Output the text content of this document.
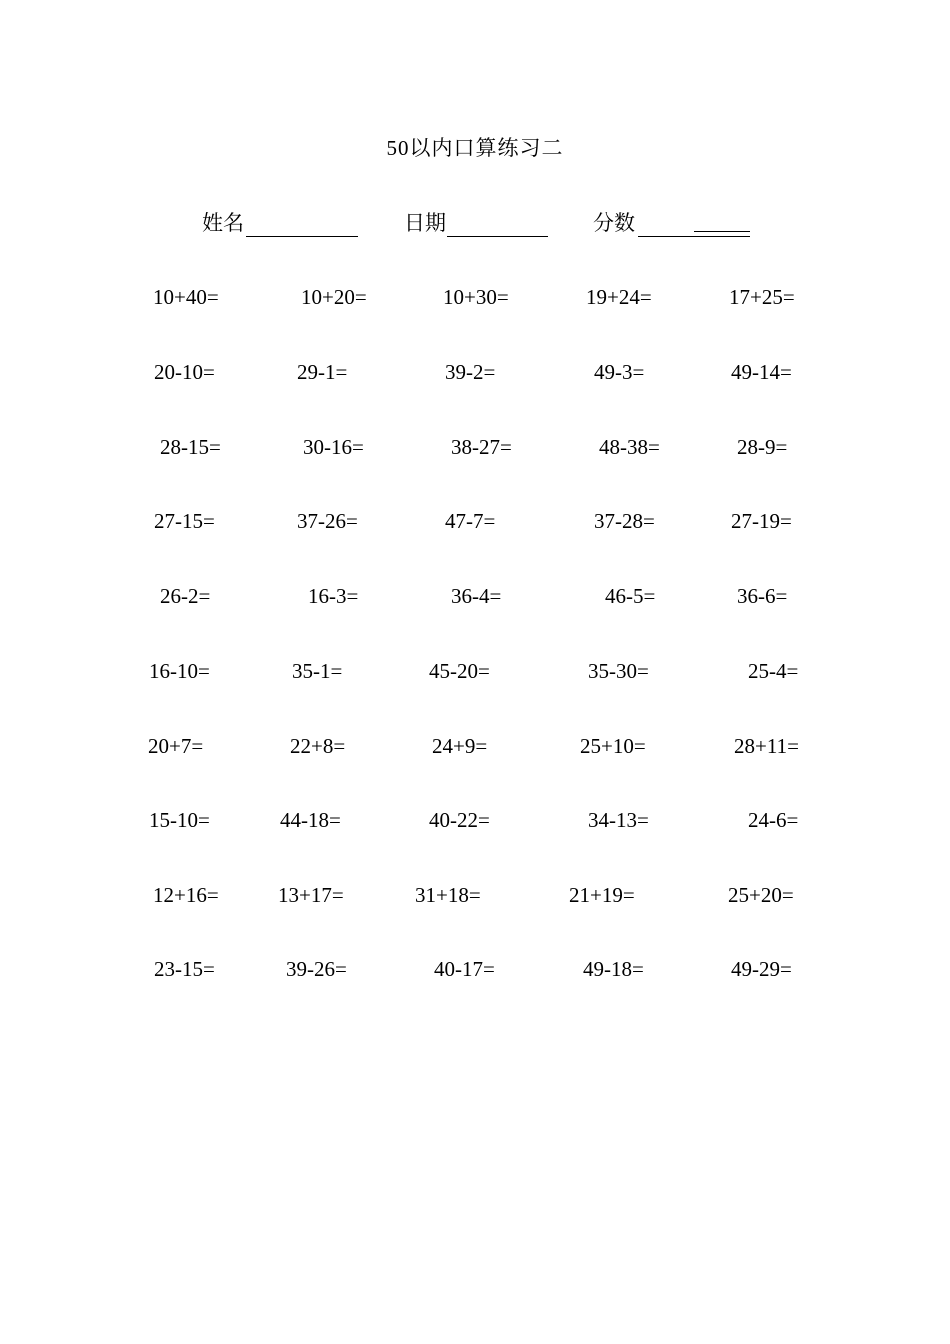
50以内口算练习二
姓名	日期	分数
10+40=	10+20=	10+30=	19+24=	17+25=
20-10=	29-1=	39-2=	49-3=	49-14=
28-15=	30-16=	38-27=	48-38=	28-9=
27-15=	37-26=	47-7=	37-28=	27-19=
26-2=	16-3=	36-4=	46-5=	36-6=
16-10=	35-1=	45-20=	35-30=	25-4=
20+7=	22+8=	24+9=	25+10=	28+11=
15-10=	44-18=	40-22=	34-13=	24-6=
12+16=	13+17=	31+18=	21+19=	25+20=
23-15=	39-26=	40-17=	49-18=	49-29=
